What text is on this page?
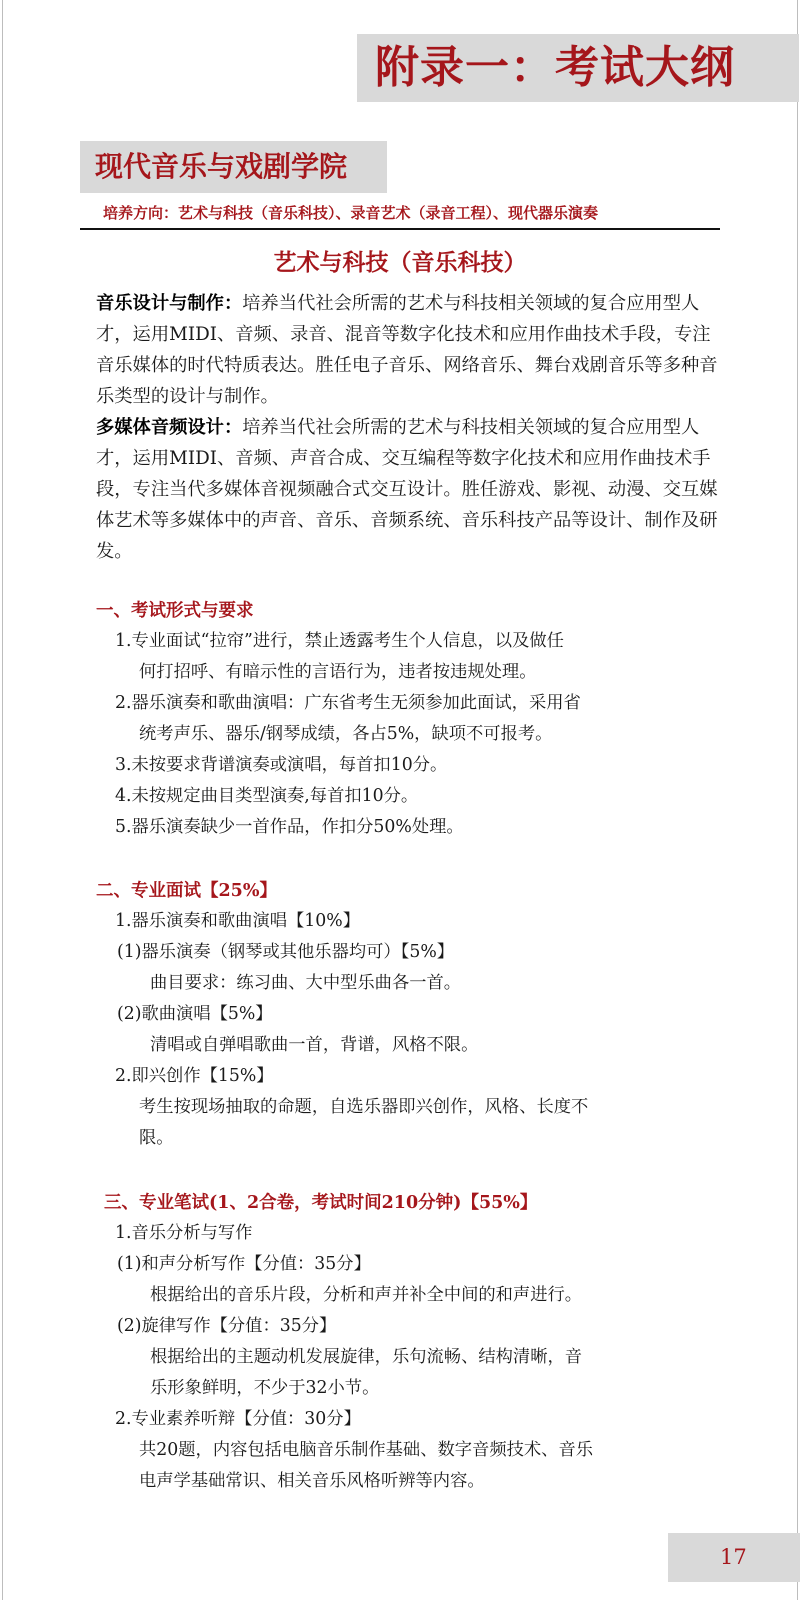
附录一：考试大纲
现代音乐与戏剧学院
培养方向：艺术与科技（音乐科技）、录音艺术（录音工程）、现代器乐演奏
艺术与科技（音乐科技）

音乐设计与制作：培养当代社会所需的艺术与科技相关领域的复合应用型人才，运用MIDI、音频、录音、混音等数字化技术和应用作曲技术手段，专注音乐媒体的时代特质表达。胜任电子音乐、网络音乐、舞台戏剧音乐等多种音乐类型的设计与制作。

多媒体音频设计：培养当代社会所需的艺术与科技相关领域的复合应用型人才，运用MIDI、音频、声音合成、交互编程等数字化技术和应用作曲技术手段，专注当代多媒体音视频融合式交互设计。胜任游戏、影视、动漫、交互媒体艺术等多媒体中的声音、音乐、音频系统、音乐科技产品等设计、制作及研发。

一、考试形式与要求
1.专业面试“拉帘”进行，禁止透露考生个人信息，以及做任
何打招呼、有暗示性的言语行为，违者按违规处理。
2.器乐演奏和歌曲演唱：广东省考生无须参加此面试，采用省
统考声乐、器乐/钢琴成绩，各占5%，缺项不可报考。
3.未按要求背谱演奏或演唱，每首扣10分。
4.未按规定曲目类型演奏,每首扣10分。
5.器乐演奏缺少一首作品，作扣分50%处理。
二、专业面试【25%】
1.器乐演奏和歌曲演唱【10%】
(1)器乐演奏（钢琴或其他乐器均可）【5%】
曲目要求：练习曲、大中型乐曲各一首。
(2)歌曲演唱【5%】
清唱或自弹唱歌曲一首，背谱，风格不限。
2.即兴创作【15%】
考生按现场抽取的命题，自选乐器即兴创作，风格、长度不
限。
三、专业笔试(1、2合卷，考试时间210分钟)【55%】
1.音乐分析与写作
(1)和声分析写作【分值：35分】
根据给出的音乐片段，分析和声并补全中间的和声进行。
(2)旋律写作【分值：35分】
根据给出的主题动机发展旋律，乐句流畅、结构清晰，音
乐形象鲜明，不少于32小节。
2.专业素养听辩【分值：30分】
共20题，内容包括电脑音乐制作基础、数字音频技术、音乐
电声学基础常识、相关音乐风格听辨等内容。
17
